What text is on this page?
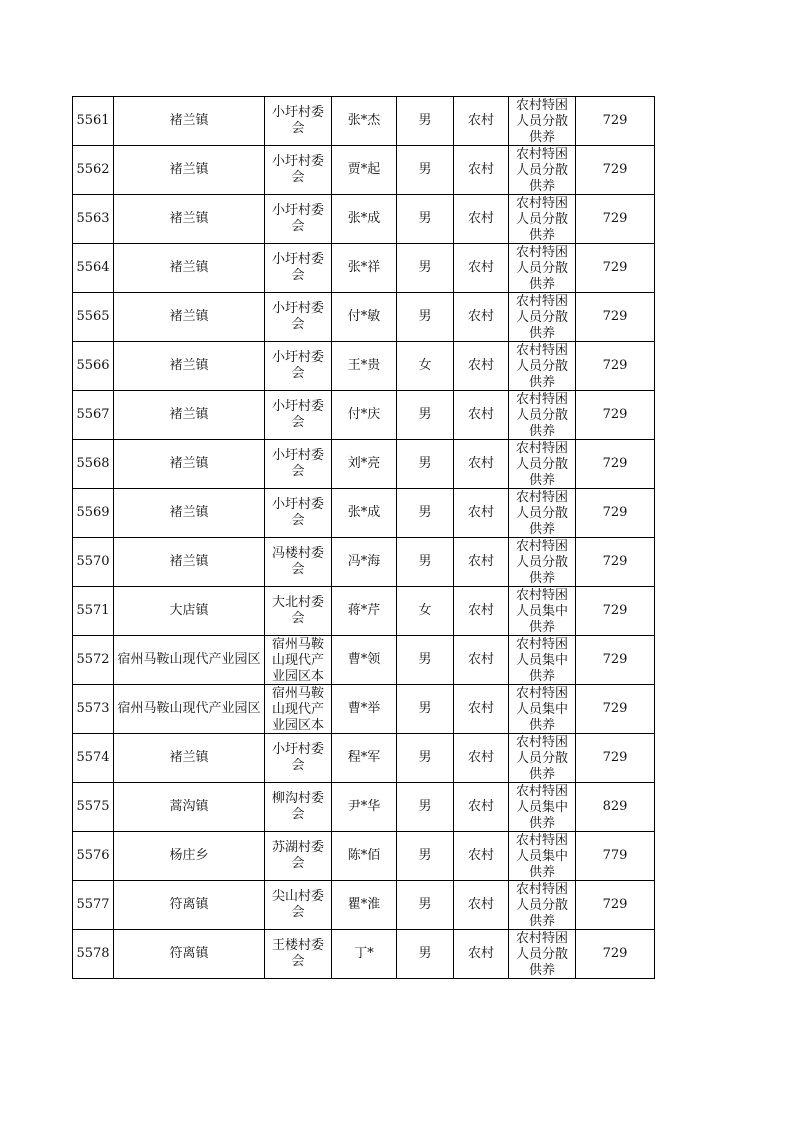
5561	褚兰镇	小圩村委会	张*杰	男	农村	农村特困人员分散供养	729
5562	褚兰镇	小圩村委会	贾*起	男	农村	农村特困人员分散供养	729
5563	褚兰镇	小圩村委会	张*成	男	农村	农村特困人员分散供养	729
5564	褚兰镇	小圩村委会	张*祥	男	农村	农村特困人员分散供养	729
5565	褚兰镇	小圩村委会	付*敏	男	农村	农村特困人员分散供养	729
5566	褚兰镇	小圩村委会	王*贵	女	农村	农村特困人员分散供养	729
5567	褚兰镇	小圩村委会	付*庆	男	农村	农村特困人员分散供养	729
5568	褚兰镇	小圩村委会	刘*亮	男	农村	农村特困人员分散供养	729
5569	褚兰镇	小圩村委会	张*成	男	农村	农村特困人员分散供养	729
5570	褚兰镇	冯楼村委会	冯*海	男	农村	农村特困人员分散供养	729
5571	大店镇	大北村委会	蒋*芹	女	农村	农村特困人员集中供养	729
5572	宿州马鞍山现代产业园区	宿州马鞍山现代产业园区本	曹*领	男	农村	农村特困人员集中供养	729
5573	宿州马鞍山现代产业园区	宿州马鞍山现代产业园区本	曹*举	男	农村	农村特困人员集中供养	729
5574	褚兰镇	小圩村委会	程*军	男	农村	农村特困人员分散供养	729
5575	蒿沟镇	柳沟村委会	尹*华	男	农村	农村特困人员集中供养	829
5576	杨庄乡	苏湖村委会	陈*佰	男	农村	农村特困人员集中供养	779
5577	符离镇	尖山村委会	瞿*淮	男	农村	农村特困人员分散供养	729
5578	符离镇	王楼村委会	丁*	男	农村	农村特困人员分散供养	729
